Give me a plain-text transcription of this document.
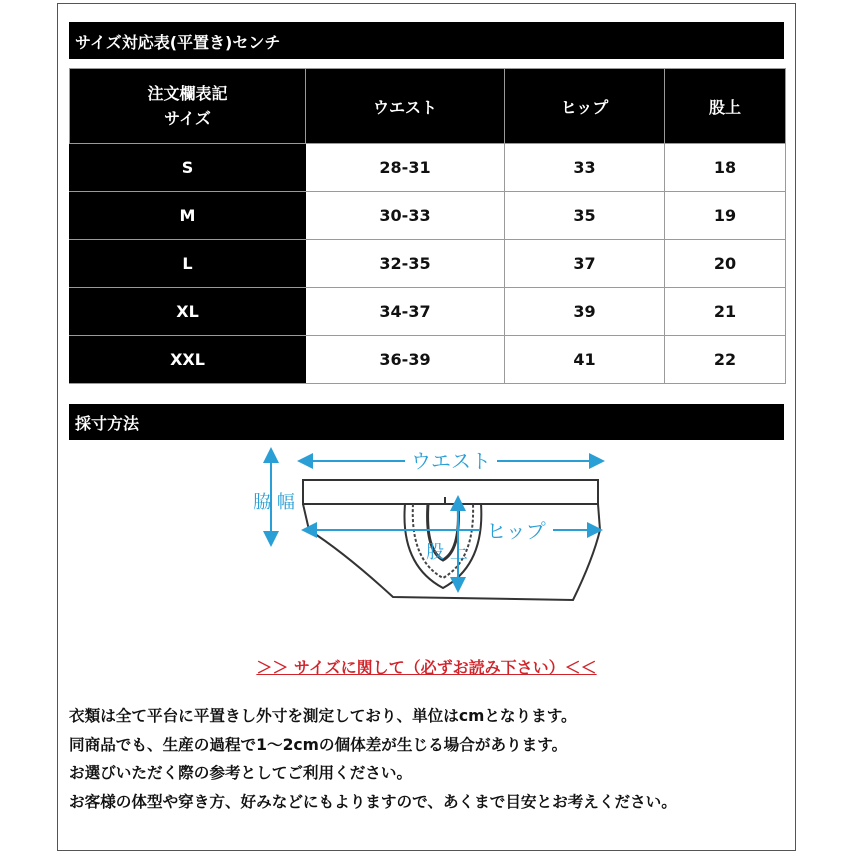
サイズ対応表(平置き)センチ
注文欄表記
サイズ	ウエスト	ヒップ	股上
S	28-31	33	18
M	30-33	35	19
L	32-35	37	20
XL	34-37	39	21
XXL	36-39	41	22
採寸方法
ウエスト
脇 幅
ヒップ
股 上
＞＞ サイズに関して（必ずお読み下さい）＜＜
衣類は全て平台に平置きし外寸を測定しており、単位はcmとなります。
同商品でも、生産の過程で1～2cmの個体差が生じる場合があります。
お選びいただく際の参考としてご利用ください。
お客様の体型や穿き方、好みなどにもよりますので、あくまで目安とお考えください。
